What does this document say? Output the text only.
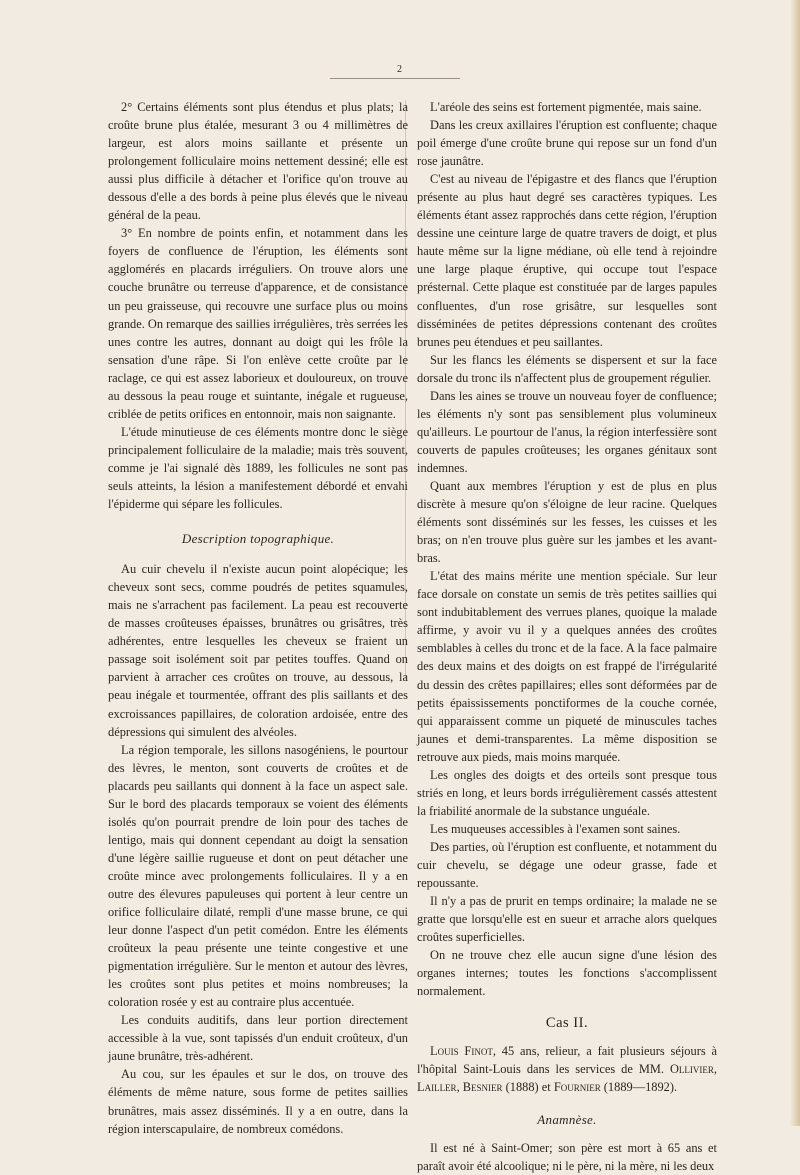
2

2° Certains éléments sont plus étendus et plus plats; la croûte brune plus étalée, mesurant 3 ou 4 millimètres de largeur, est alors moins saillante et présente un prolongement folliculaire moins nettement dessiné; elle est aussi plus difficile à détacher et l'orifice qu'on trouve au dessous d'elle a des bords à peine plus élevés que le niveau général de la peau.

3° En nombre de points enfin, et notamment dans les foyers de confluence de l'éruption, les éléments sont agglomérés en placards irréguliers. On trouve alors une couche brunâtre ou terreuse d'apparence, et de consistance un peu graisseuse, qui recouvre une surface plus ou moins grande. On remarque des saillies irrégulières, très serrées les unes contre les autres, donnant au doigt qui les frôle la sensation d'une râpe. Si l'on enlève cette croûte par le raclage, ce qui est assez laborieux et douloureux, on trouve au dessous la peau rouge et suintante, inégale et rugueuse, criblée de petits orifices en entonnoir, mais non saignante.

L'étude minutieuse de ces éléments montre donc le siège principalement folliculaire de la maladie; mais très souvent, comme je l'ai signalé dès 1889, les follicules ne sont pas seuls atteints, la lésion a manifestement débordé et envahi l'épiderme qui sépare les follicules.

Description topographique.

Au cuir chevelu il n'existe aucun point alopécique; les cheveux sont secs, comme poudrés de petites squamules, mais ne s'arrachent pas facilement. La peau est recouverte de masses croûteuses épaisses, brunâtres ou grisâtres, très adhérentes, entre lesquelles les cheveux se fraient un passage soit isolément soit par petites touffes. Quand on parvient à arracher ces croûtes on trouve, au dessous, la peau inégale et tourmentée, offrant des plis saillants et des excroissances papillaires, de coloration ardoisée, entre des dépressions qui simulent des alvéoles.

La région temporale, les sillons nasogéniens, le pourtour des lèvres, le menton, sont couverts de croûtes et de placards peu saillants qui donnent à la face un aspect sale. Sur le bord des placards temporaux se voient des éléments isolés qu'on pourrait prendre de loin pour des taches de lentigo, mais qui donnent cependant au doigt la sensation d'une légère saillie rugueuse et dont on peut détacher une croûte mince avec prolongements folliculaires. Il y a en outre des élevures papuleuses qui portent à leur centre un orifice folliculaire dilaté, rempli d'une masse brune, ce qui leur donne l'aspect d'un petit comédon. Entre les éléments croûteux la peau présente une teinte congestive et une pigmentation irrégulière. Sur le menton et autour des lèvres, les croûtes sont plus petites et moins nombreuses; la coloration rosée y est au contraire plus accentuée.

Les conduits auditifs, dans leur portion directement accessible à la vue, sont tapissés d'un enduit croûteux, d'un jaune brunâtre, très-adhérent.

Au cou, sur les épaules et sur le dos, on trouve des éléments de même nature, sous forme de petites saillies brunâtres, mais assez disséminés. Il y a en outre, dans la région interscapulaire, de nombreux comédons.

L'aréole des seins est fortement pigmentée, mais saine.

Dans les creux axillaires l'éruption est confluente; chaque poil émerge d'une croûte brune qui repose sur un fond d'un rose jaunâtre.

C'est au niveau de l'épigastre et des flancs que l'éruption présente au plus haut degré ses caractères typiques. Les éléments étant assez rapprochés dans cette région, l'éruption dessine une ceinture large de quatre travers de doigt, et plus haute même sur la ligne médiane, où elle tend à rejoindre une large plaque éruptive, qui occupe tout l'espace présternal. Cette plaque est constituée par de larges papules confluentes, d'un rose grisâtre, sur lesquelles sont disséminées de petites dépressions contenant des croûtes brunes peu étendues et peu saillantes.

Sur les flancs les éléments se dispersent et sur la face dorsale du tronc ils n'affectent plus de groupement régulier.

Dans les aines se trouve un nouveau foyer de confluence; les éléments n'y sont pas sensiblement plus volumineux qu'ailleurs. Le pourtour de l'anus, la région interfessière sont couverts de papules croûteuses; les organes génitaux sont indemnes.

Quant aux membres l'éruption y est de plus en plus discrète à mesure qu'on s'éloigne de leur racine. Quelques éléments sont disséminés sur les fesses, les cuisses et les bras; on n'en trouve plus guère sur les jambes et les avant-bras.

L'état des mains mérite une mention spéciale. Sur leur face dorsale on constate un semis de très petites saillies qui sont indubitablement des verrues planes, quoique la malade affirme, y avoir vu il y a quelques années des croûtes semblables à celles du tronc et de la face. A la face palmaire des deux mains et des doigts on est frappé de l'irrégularité du dessin des crêtes papillaires; elles sont déformées par de petits épaississements ponctiformes de la couche cornée, qui apparaissent comme un piqueté de minuscules taches jaunes et demi-transparentes. La même disposition se retrouve aux pieds, mais moins marquée.

Les ongles des doigts et des orteils sont presque tous striés en long, et leurs bords irrégulièrement cassés attestent la friabilité anormale de la substance unguéale.

Les muqueuses accessibles à l'examen sont saines.

Des parties, où l'éruption est confluente, et notamment du cuir chevelu, se dégage une odeur grasse, fade et repoussante.

Il n'y a pas de prurit en temps ordinaire; la malade ne se gratte que lorsqu'elle est en sueur et arrache alors quelques croûtes superficielles.

On ne trouve chez elle aucun signe d'une lésion des organes internes; toutes les fonctions s'accomplissent normalement.

Cas II.

Louis Finot, 45 ans, relieur, a fait plusieurs séjours à l'hôpital Saint-Louis dans les services de MM. Ollivier, Lailler, Besnier (1888) et Fournier (1889—1892).

Anamnèse.

Il est né à Saint-Omer; son père est mort à 65 ans et paraît avoir été alcoolique; ni le père, ni la mère, ni les deux
